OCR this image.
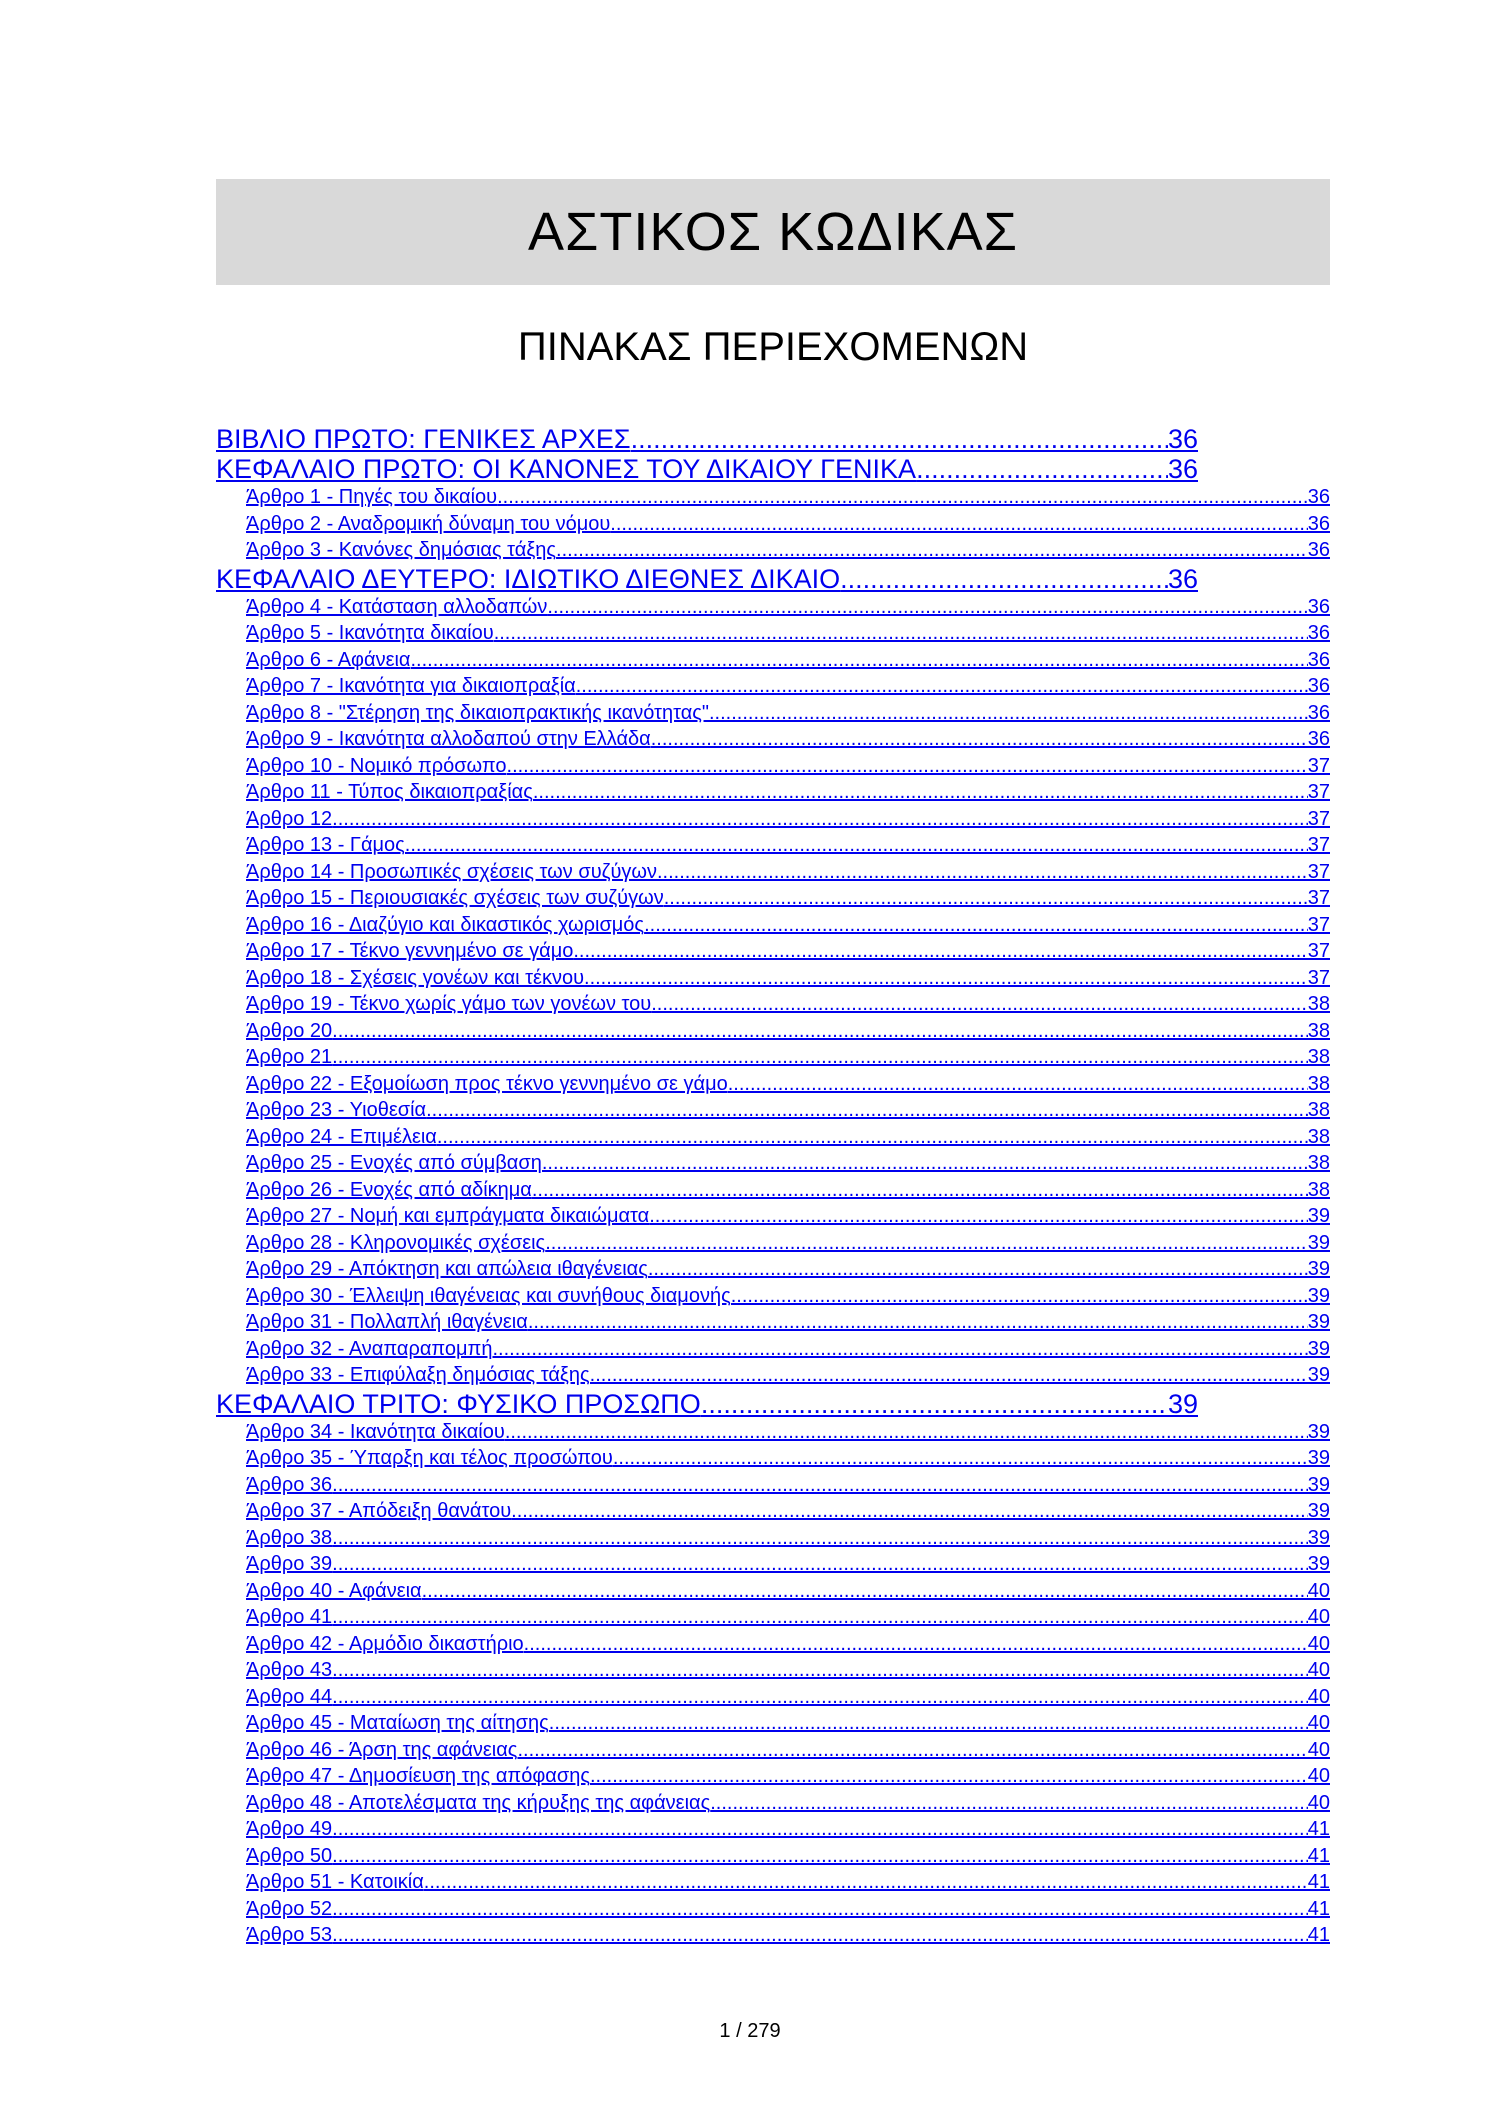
ΑΣΤΙΚΟΣ ΚΩΔΙΚΑΣ
ΠΙΝΑΚΑΣ ΠΕΡΙΕΧΟΜΕΝΩΝ
ΒΙΒΛΙΟ ΠΡΩΤΟ: ΓΕΝΙΚΕΣ ΑΡΧΕΣ .....	36
ΚΕΦΑΛΑΙΟ ΠΡΩΤΟ: ΟΙ ΚΑΝΟΝΕΣ ΤΟΥ ΔΙΚΑΙΟΥ ΓΕΝΙΚΑ .....	36
Άρθρο 1 - Πηγές του δικαίου .....	36
Άρθρο 2 - Αναδρομική δύναμη του νόμου .....	36
Άρθρο 3 - Κανόνες δημόσιας τάξης .....	36
ΚΕΦΑΛΑΙΟ ΔΕΥΤΕΡΟ: ΙΔΙΩΤΙΚΟ ΔΙΕΘΝΕΣ ΔΙΚΑΙΟ .....	36
Άρθρο 4 - Κατάσταση αλλοδαπών .....	36
Άρθρο 5 - Ικανότητα δικαίου .....	36
Άρθρο 6 - Αφάνεια .....	36
Άρθρο 7 - Ικανότητα για δικαιοπραξία .....	36
Άρθρο 8 - "Στέρηση της δικαιοπρακτικής ικανότητας" .....	36
Άρθρο 9 - Ικανότητα αλλοδαπού στην Ελλάδα .....	36
Άρθρο 10 - Νομικό πρόσωπο .....	37
Άρθρο 11 - Τύπος δικαιοπραξίας .....	37
Άρθρο 12 .....	37
Άρθρο 13 - Γάμος .....	37
Άρθρο 14 - Προσωπικές σχέσεις των συζύγων .....	37
Άρθρο 15 - Περιουσιακές σχέσεις των συζύγων .....	37
Άρθρο 16 - Διαζύγιο και δικαστικός χωρισμός .....	37
Άρθρο 17 - Τέκνο γεννημένο σε γάμο .....	37
Άρθρο 18 - Σχέσεις γονέων και τέκνου .....	37
Άρθρο 19 - Τέκνο χωρίς γάμο των γονέων του .....	38
Άρθρο 20 .....	38
Άρθρο 21 .....	38
Άρθρο 22 - Εξομοίωση προς τέκνο γεννημένο σε γάμο .....	38
Άρθρο 23 - Υιοθεσία .....	38
Άρθρο 24 - Επιμέλεια .....	38
Άρθρο 25 - Ενοχές από σύμβαση .....	38
Άρθρο 26 - Ενοχές από αδίκημα .....	38
Άρθρο 27 - Νομή και εμπράγματα δικαιώματα .....	39
Άρθρο 28 - Κληρονομικές σχέσεις .....	39
Άρθρο 29 - Απόκτηση και απώλεια ιθαγένειας .....	39
Άρθρο 30 - Έλλειψη ιθαγένειας και συνήθους διαμονής .....	39
Άρθρο 31 - Πολλαπλή ιθαγένεια .....	39
Άρθρο 32 - Αναπαραπομπή .....	39
Άρθρο 33 - Επιφύλαξη δημόσιας τάξης .....	39
ΚΕΦΑΛΑΙΟ ΤΡΙΤΟ: ΦΥΣΙΚΟ ΠΡΟΣΩΠΟ .....	39
Άρθρο 34 - Ικανότητα δικαίου .....	39
Άρθρο 35 - Ύπαρξη και τέλος προσώπου .....	39
Άρθρο 36 .....	39
Άρθρο 37 - Απόδειξη θανάτου .....	39
Άρθρο 38 .....	39
Άρθρο 39 .....	39
Άρθρο 40 - Αφάνεια .....	40
Άρθρο 41 .....	40
Άρθρο 42 - Αρμόδιο δικαστήριο .....	40
Άρθρο 43 .....	40
Άρθρο 44 .....	40
Άρθρο 45 - Ματαίωση της αίτησης .....	40
Άρθρο 46 - Άρση της αφάνειας .....	40
Άρθρο 47 - Δημοσίευση της απόφασης .....	40
Άρθρο 48 - Αποτελέσματα της κήρυξης της αφάνειας .....	40
Άρθρο 49 .....	41
Άρθρο 50 .....	41
Άρθρο 51 - Κατοικία .....	41
Άρθρο 52 .....	41
Άρθρο 53 .....	41
1 / 279
